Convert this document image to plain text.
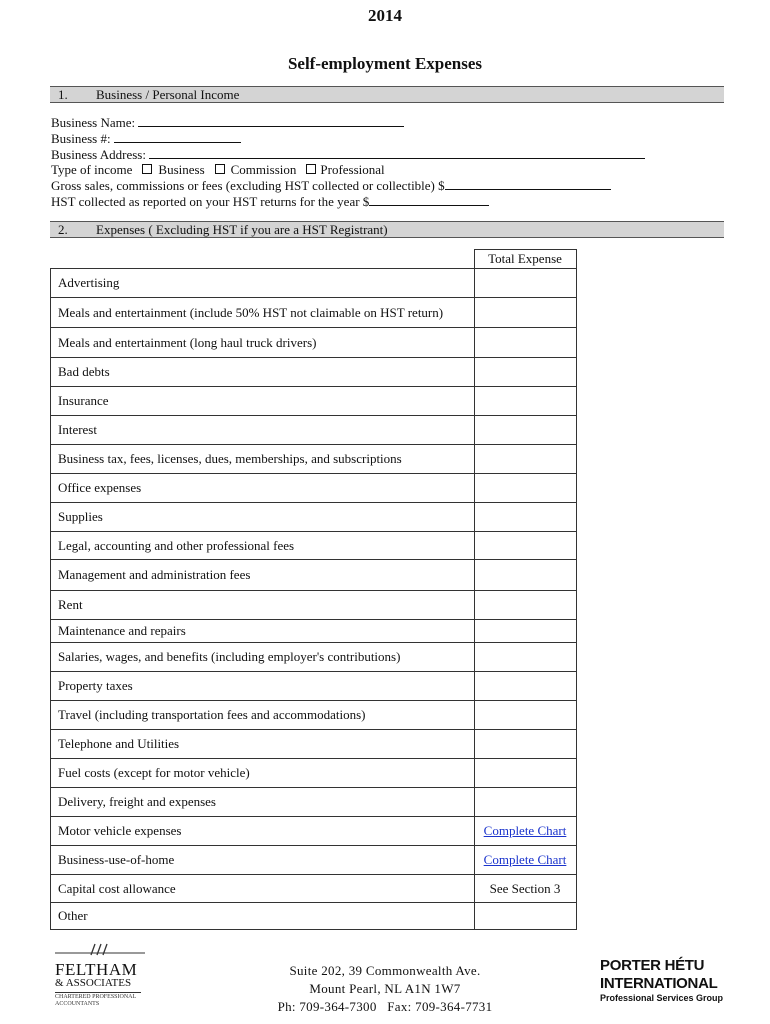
2014
Self-employment Expenses
1. Business / Personal Income
Business Name:
Business #:
Business Address:
Type of income Business Commission Professional
Gross sales, commissions or fees (excluding HST collected or collectible) $
HST collected as reported on your HST returns for the year $
2. Expenses ( Excluding HST if you are a HST Registrant)
	Total Expense
Advertising	
Meals and entertainment (include 50% HST not claimable on HST return)	
Meals and entertainment (long haul truck drivers)	
Bad debts	
Insurance	
Interest	
Business tax, fees, licenses, dues, memberships, and subscriptions	
Office expenses	
Supplies	
Legal, accounting and other professional fees	
Management and administration fees	
Rent	
Maintenance and repairs	
Salaries, wages, and benefits (including employer's contributions)	
Property taxes	
Travel (including transportation fees and accommodations)	
Telephone and Utilities	
Fuel costs (except for motor vehicle)	
Delivery, freight and expenses	
Motor vehicle expenses	Complete Chart
Business-use-of-home	Complete Chart
Capital cost allowance	See Section 3
Other	
FELTHAM
& ASSOCIATES
CHARTERED PROFESSIONAL
ACCOUNTANTS
Suite 202, 39 Commonwealth Ave.
Mount Pearl, NL A1N 1W7
Ph: 709-364-7300   Fax: 709-364-7731
PORTER HÉTU
INTERNATIONAL
Professional Services Group
